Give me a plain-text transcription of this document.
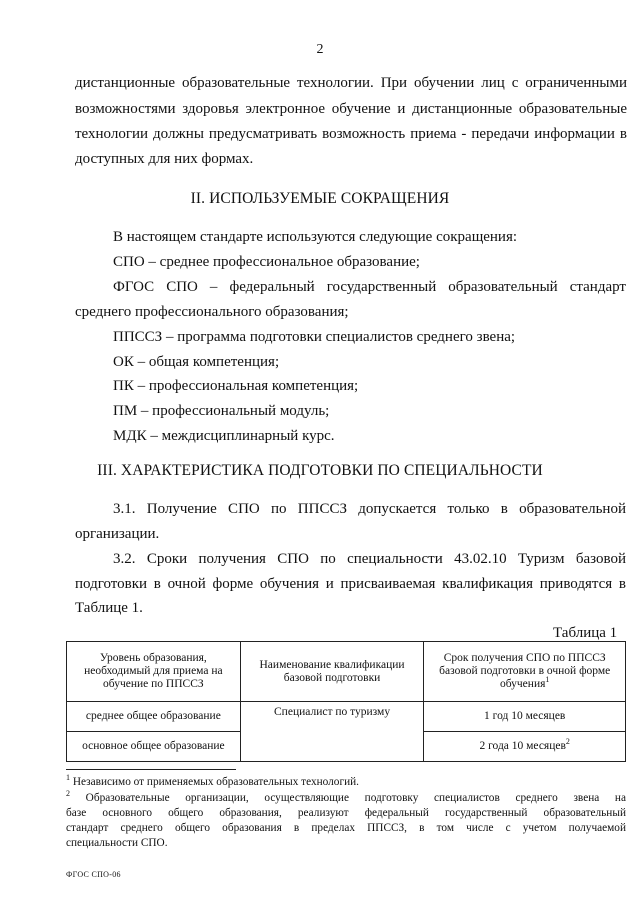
2
дистанционные образовательные технологии. При обучении лиц с ограниченными
возможностями здоровья электронное обучение и дистанционные образовательные
технологии должны предусматривать возможность приема - передачи информации в
доступных для них формах.
II. ИСПОЛЬЗУЕМЫЕ СОКРАЩЕНИЯ
В настоящем стандарте используются следующие сокращения:
СПО – среднее профессиональное образование;
ФГОС СПО – федеральный государственный образовательный стандарт
среднего профессионального образования;
ППССЗ – программа подготовки специалистов среднего звена;
ОК – общая компетенция;
ПК – профессиональная компетенция;
ПМ – профессиональный модуль;
МДК – междисциплинарный курс.
III. ХАРАКТЕРИСТИКА ПОДГОТОВКИ ПО СПЕЦИАЛЬНОСТИ
3.1. Получение СПО по ППССЗ допускается только в образовательной
организации.
3.2. Сроки получения СПО по специальности 43.02.10 Туризм базовой
подготовки в очной форме обучения и присваиваемая квалификация приводятся в
Таблице 1.
Таблица 1
Уровень образования, необходимый для приема на обучение по ППССЗ	Наименование квалификации базовой подготовки	Срок получения СПО по ППССЗ базовой подготовки в очной форме обучения$^1$
среднее общее образование	Специалист по туризму	1 год 10 месяцев
основное общее образование		2 года 10 месяцев$^2$
$^1$ Независимо от применяемых образовательных технологий.
$^2$ Образовательные организации, осуществляющие подготовку специалистов среднего звена на
базе основного общего образования, реализуют федеральный государственный образовательный
стандарт среднего общего образования в пределах ППССЗ, в том числе с учетом получаемой
специальности СПО.
ФГОС СПО-06
